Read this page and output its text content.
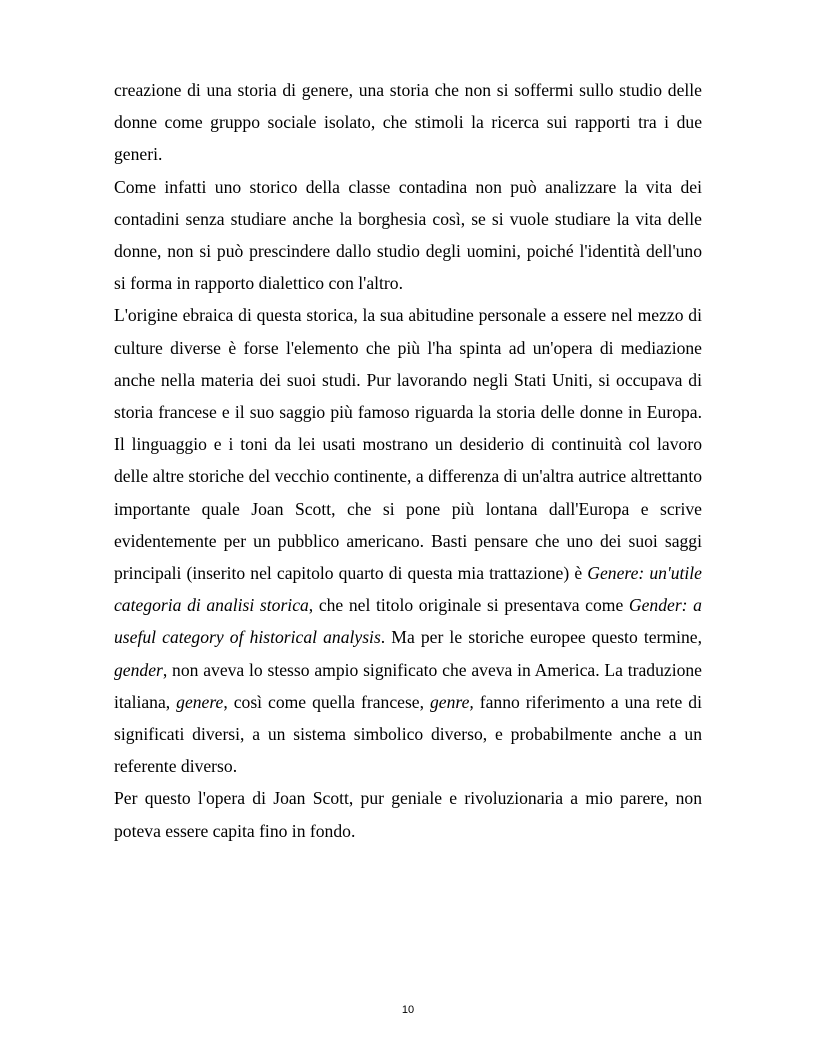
creazione di una storia di genere, una storia che non si soffermi sullo studio delle donne come gruppo sociale isolato, che stimoli la ricerca sui rapporti tra i due generi.

Come infatti uno storico della classe contadina non può analizzare la vita dei contadini senza studiare anche la borghesia così, se si vuole studiare la vita delle donne, non si può prescindere dallo studio degli uomini, poiché l'identità dell'uno si forma in rapporto dialettico con l'altro.

L'origine ebraica di questa storica, la sua abitudine personale a essere nel mezzo di culture diverse è forse l'elemento che più l'ha spinta ad un'opera di mediazione anche nella materia dei suoi studi. Pur lavorando negli Stati Uniti, si occupava di storia francese e il suo saggio più famoso riguarda la storia delle donne in Europa. Il linguaggio e i toni da lei usati mostrano un desiderio di continuità col lavoro delle altre storiche del vecchio continente, a differenza di un'altra autrice altrettanto importante quale Joan Scott, che si pone più lontana dall'Europa e scrive evidentemente per un pubblico americano. Basti pensare che uno dei suoi saggi principali (inserito nel capitolo quarto di questa mia trattazione) è Genere: un'utile categoria di analisi storica, che nel titolo originale si presentava come Gender: a useful category of historical analysis. Ma per le storiche europee questo termine, gender, non aveva lo stesso ampio significato che aveva in America. La traduzione italiana, genere, così come quella francese, genre, fanno riferimento a una rete di significati diversi, a un sistema simbolico diverso, e probabilmente anche a un referente diverso.

Per questo l'opera di Joan Scott, pur geniale e rivoluzionaria a mio parere, non poteva essere capita fino in fondo.

10
